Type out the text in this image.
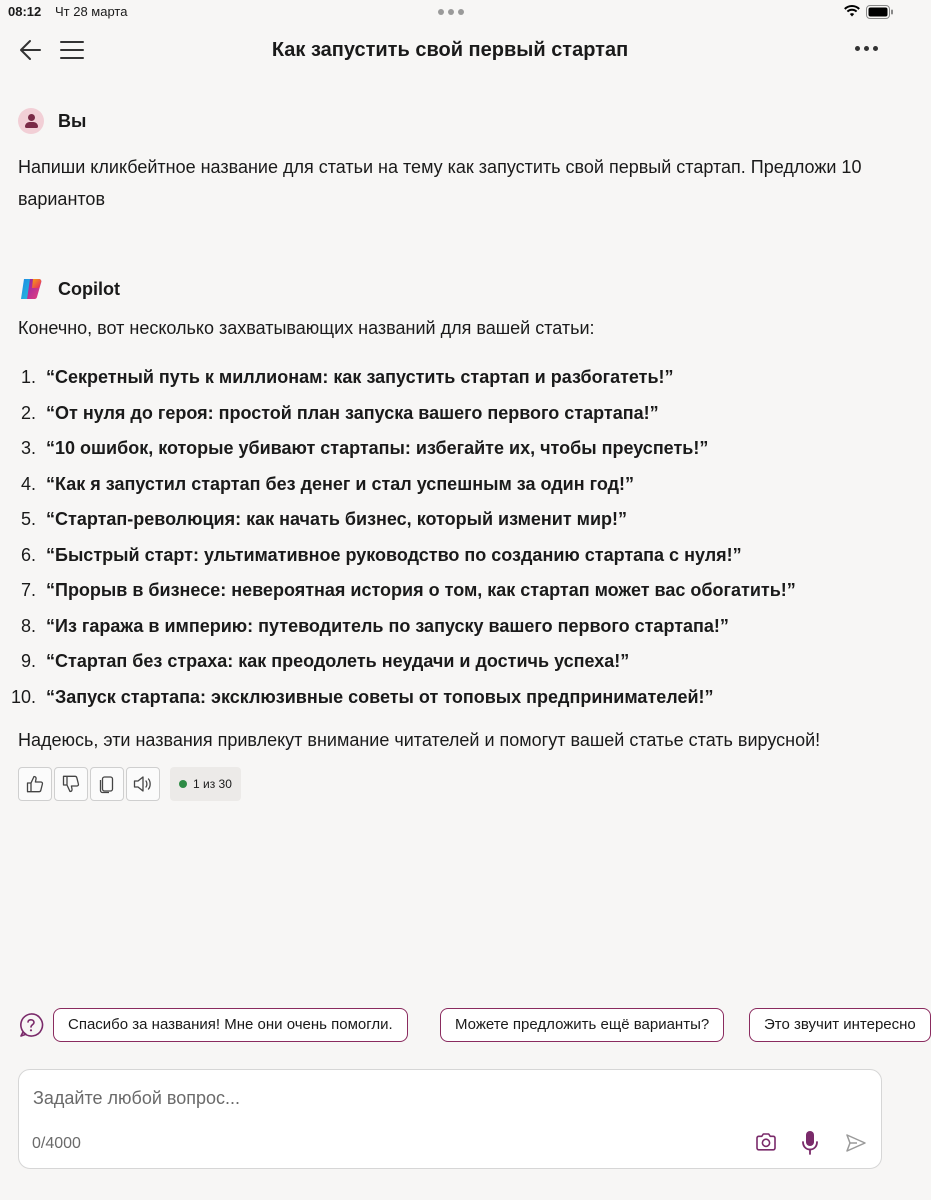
08:12 Чт 28 марта
Как запустить свой первый стартап
Вы
Напиши кликбейтное название для статьи на тему как запустить свой первый стартап. Предложи 10 вариантов
Copilot
Конечно, вот несколько захватывающих названий для вашей статьи:
1. “Секретный путь к миллионам: как запустить стартап и разбогатеть!”
2. “От нуля до героя: простой план запуска вашего первого стартапа!”
3. “10 ошибок, которые убивают стартапы: избегайте их, чтобы преуспеть!”
4. “Как я запустил стартап без денег и стал успешным за один год!”
5. “Стартап-революция: как начать бизнес, который изменит мир!”
6. “Быстрый старт: ультимативное руководство по созданию стартапа с нуля!”
7. “Прорыв в бизнесе: невероятная история о том, как стартап может вас обогатить!”
8. “Из гаража в империю: путеводитель по запуску вашего первого стартапа!”
9. “Стартап без страха: как преодолеть неудачи и достичь успеха!”
10. “Запуск стартапа: эксклюзивные советы от топовых предпринимателей!”
Надеюсь, эти названия привлекут внимание читателей и помогут вашей статье стать вирусной!
1 из 30
Спасибо за названия! Мне они очень помогли.	Можете предложить ещё варианты?	Это звучит интересно
Задайте любой вопрос...
0/4000
